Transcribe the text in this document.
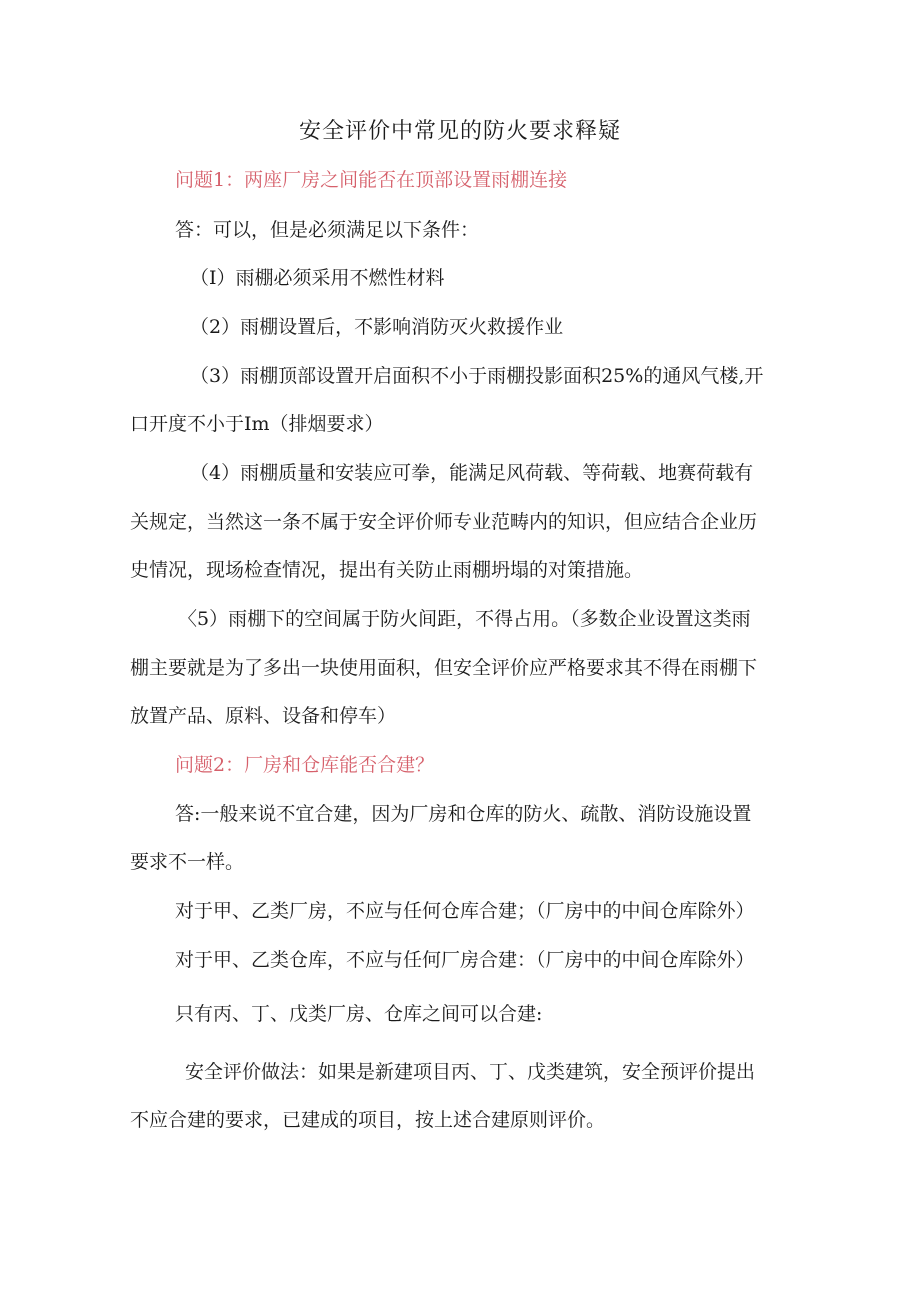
安全评价中常见的防火要求释疑
问题1：两座厂房之间能否在顶部设置雨棚连接
答：可以，但是必须满足以下条件：
（I）雨棚必须采用不燃性材料
（2）雨棚设置后，不影响消防灭火救援作业
（3）雨棚顶部设置开启面积不小于雨棚投影面积25%的通风气楼,开
口开度不小于Im（排烟要求）
（4）雨棚质量和安装应可拳，能满足风荷载、等荷载、地赛荷载有
关规定，当然这一条不属于安全评价师专业范畴内的知识，但应结合企业历
史情况，现场检查情况，提出有关防止雨棚坍塌的对策措施。
〈5）雨棚下的空间属于防火间距，不得占用。（多数企业设置这类雨
棚主要就是为了多出一块使用面积，但安全评价应严格要求其不得在雨棚下
放置产品、原料、设备和停车）
问题2：厂房和仓库能否合建？
答:一般来说不宜合建，因为厂房和仓库的防火、疏散、消防设施设置
要求不一样。
对于甲、乙类厂房，不应与任何仓库合建；（厂房中的中间仓库除外）
对于甲、乙类仓库，不应与任何厂房合建：（厂房中的中间仓库除外）
只有丙、丁、戊类厂房、仓库之间可以合建:
安全评价做法：如果是新建项目丙、丁、戊类建筑，安全预评价提出
不应合建的要求，已建成的项目，按上述合建原则评价。
